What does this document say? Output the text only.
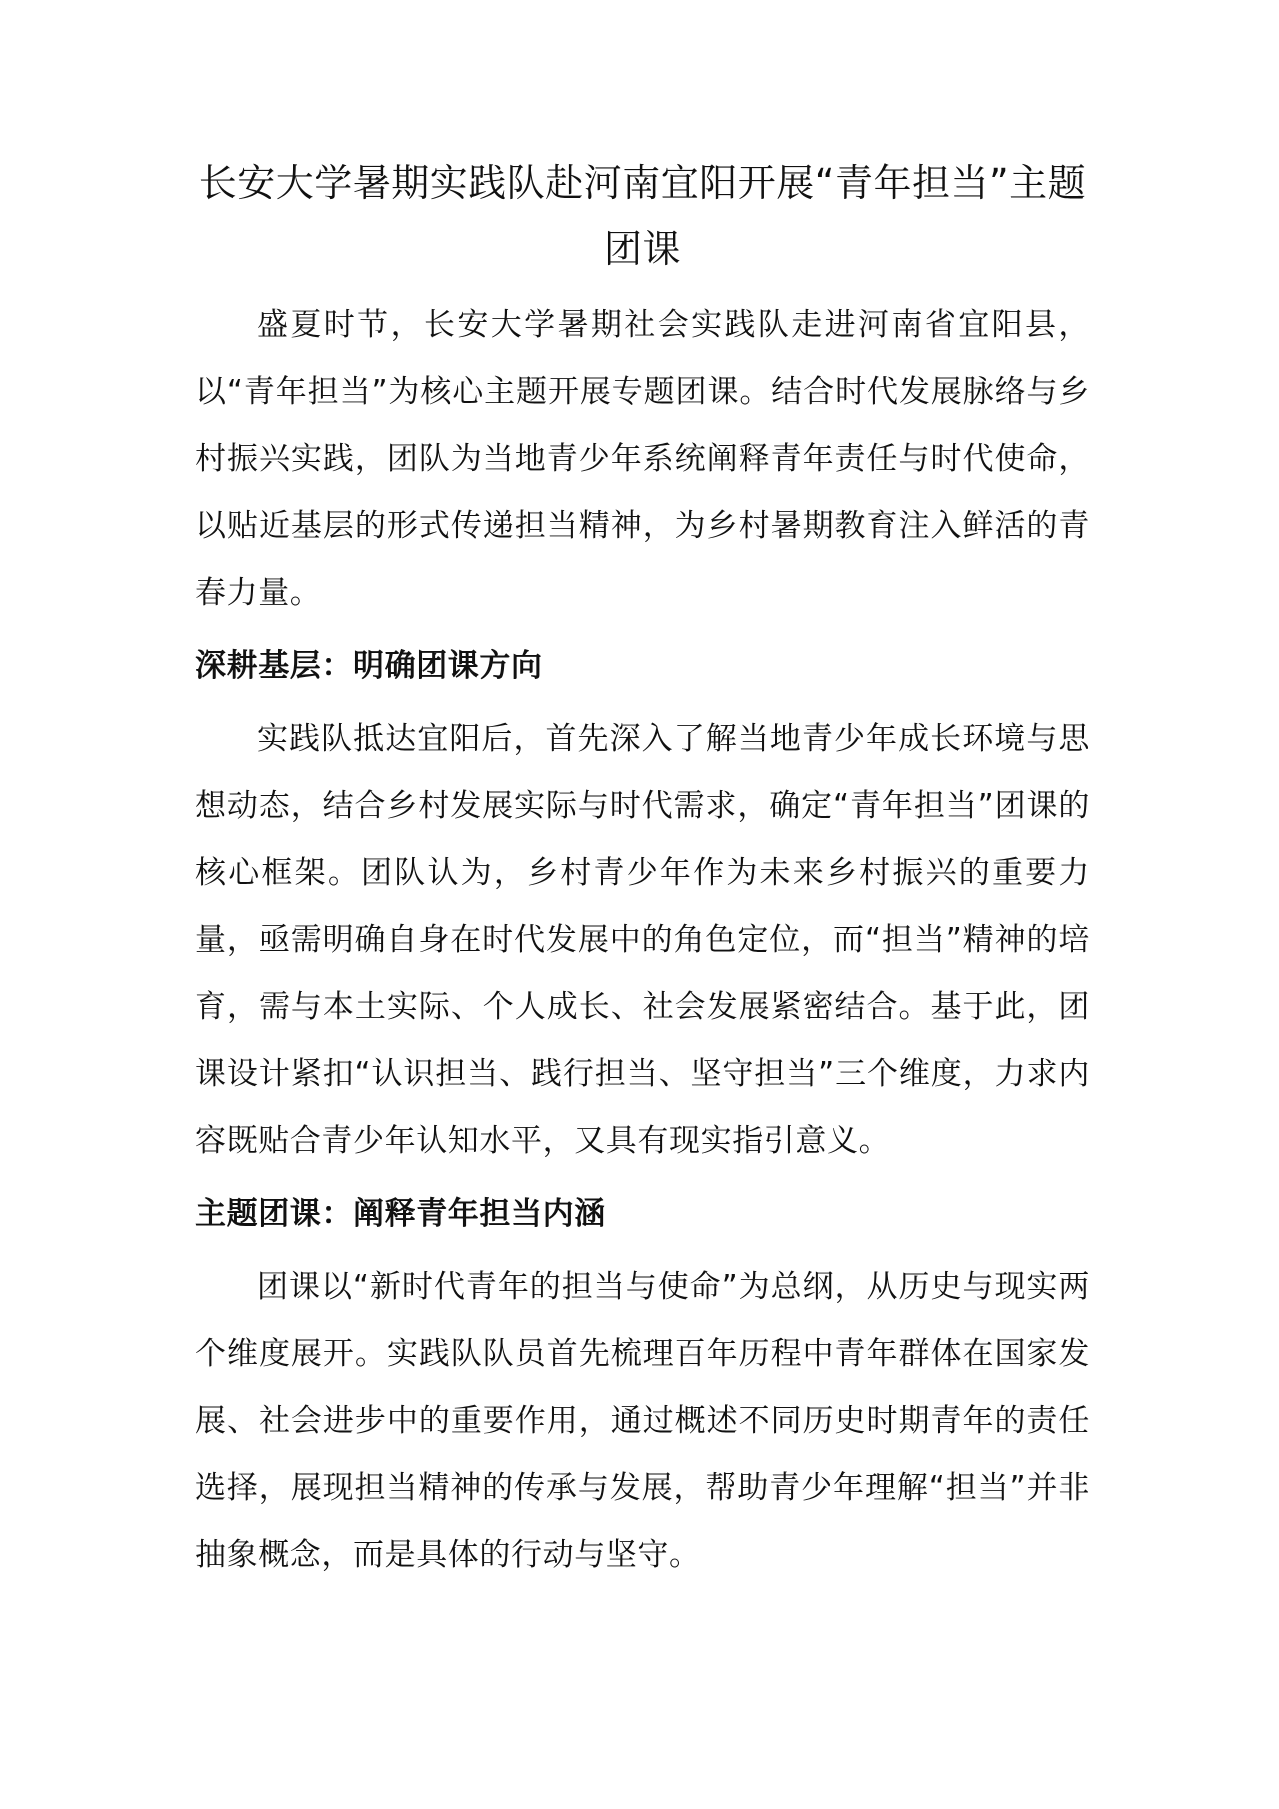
长安大学暑期实践队赴河南宜阳开展“青年担当”主题团课

盛夏时节，长安大学暑期社会实践队走进河南省宜阳县，以“青年担当”为核心主题开展专题团课。结合时代发展脉络与乡村振兴实践，团队为当地青少年系统阐释青年责任与时代使命，以贴近基层的形式传递担当精神，为乡村暑期教育注入鲜活的青春力量。

深耕基层：明确团课方向

实践队抵达宜阳后，首先深入了解当地青少年成长环境与思想动态，结合乡村发展实际与时代需求，确定“青年担当”团课的核心框架。团队认为，乡村青少年作为未来乡村振兴的重要力量，亟需明确自身在时代发展中的角色定位，而“担当”精神的培育，需与本土实际、个人成长、社会发展紧密结合。基于此，团课设计紧扣“认识担当、践行担当、坚守担当”三个维度，力求内容既贴合青少年认知水平，又具有现实指引意义。

主题团课：阐释青年担当内涵

团课以“新时代青年的担当与使命”为总纲，从历史与现实两个维度展开。实践队队员首先梳理百年历程中青年群体在国家发展、社会进步中的重要作用，通过概述不同历史时期青年的责任选择，展现担当精神的传承与发展，帮助青少年理解“担当”并非抽象概念，而是具体的行动与坚守。
